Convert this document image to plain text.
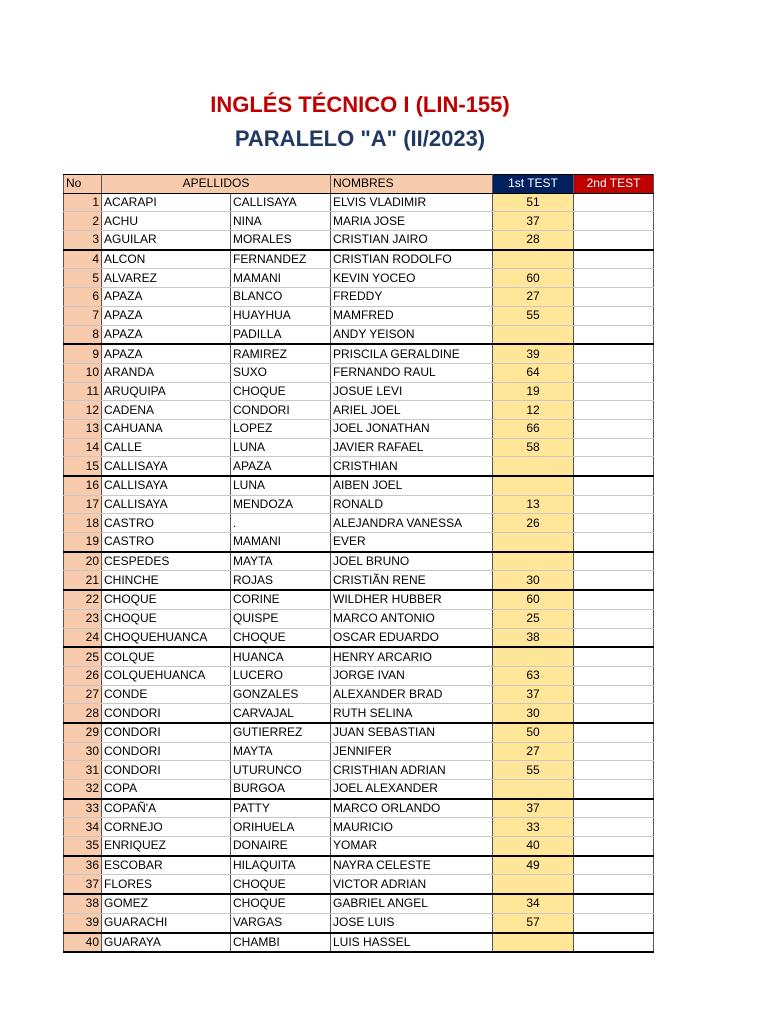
INGLÉS TÉCNICO I (LIN-155)
PARALELO "A" (II/2023)
No	APELLIDOS		NOMBRES	1st TEST	2nd TEST
1	ACARAPI	CALLISAYA	ELVIS VLADIMIR	51	
2	ACHU	NINA	MARIA JOSE	37	
3	AGUILAR	MORALES	CRISTIAN JAIRO	28	
4	ALCON	FERNANDEZ	CRISTIAN RODOLFO		
5	ALVAREZ	MAMANI	KEVIN YOCEO	60	
6	APAZA	BLANCO	FREDDY	27	
7	APAZA	HUAYHUA	MAMFRED	55	
8	APAZA	PADILLA	ANDY YEISON		
9	APAZA	RAMIREZ	PRISCILA GERALDINE	39	
10	ARANDA	SUXO	FERNANDO RAUL	64	
11	ARUQUIPA	CHOQUE	JOSUE LEVI	19	
12	CADENA	CONDORI	ARIEL JOEL	12	
13	CAHUANA	LOPEZ	JOEL JONATHAN	66	
14	CALLE	LUNA	JAVIER RAFAEL	58	
15	CALLISAYA	APAZA	CRISTHIAN		
16	CALLISAYA	LUNA	AIBEN JOEL		
17	CALLISAYA	MENDOZA	RONALD	13	
18	CASTRO	.	ALEJANDRA VANESSA	26	
19	CASTRO	MAMANI	EVER		
20	CESPEDES	MAYTA	JOEL BRUNO		
21	CHINCHE	ROJAS	CRISTIÃN RENE	30	
22	CHOQUE	CORINE	WILDHER HUBBER	60	
23	CHOQUE	QUISPE	MARCO ANTONIO	25	
24	CHOQUEHUANCA	CHOQUE	OSCAR EDUARDO	38	
25	COLQUE	HUANCA	HENRY ARCARIO		
26	COLQUEHUANCA	LUCERO	JORGE IVAN	63	
27	CONDE	GONZALES	ALEXANDER BRAD	37	
28	CONDORI	CARVAJAL	RUTH SELINA	30	
29	CONDORI	GUTIERREZ	JUAN SEBASTIAN	50	
30	CONDORI	MAYTA	JENNIFER	27	
31	CONDORI	UTURUNCO	CRISTHIAN ADRIAN	55	
32	COPA	BURGOA	JOEL ALEXANDER		
33	COPAÑ'A	PATTY	MARCO ORLANDO	37	
34	CORNEJO	ORIHUELA	MAURICIO	33	
35	ENRIQUEZ	DONAIRE	YOMAR	40	
36	ESCOBAR	HILAQUITA	NAYRA CELESTE	49	
37	FLORES	CHOQUE	VICTOR ADRIAN		
38	GOMEZ	CHOQUE	GABRIEL ANGEL	34	
39	GUARACHI	VARGAS	JOSE LUIS	57	
40	GUARAYA	CHAMBI	LUIS HASSEL		
